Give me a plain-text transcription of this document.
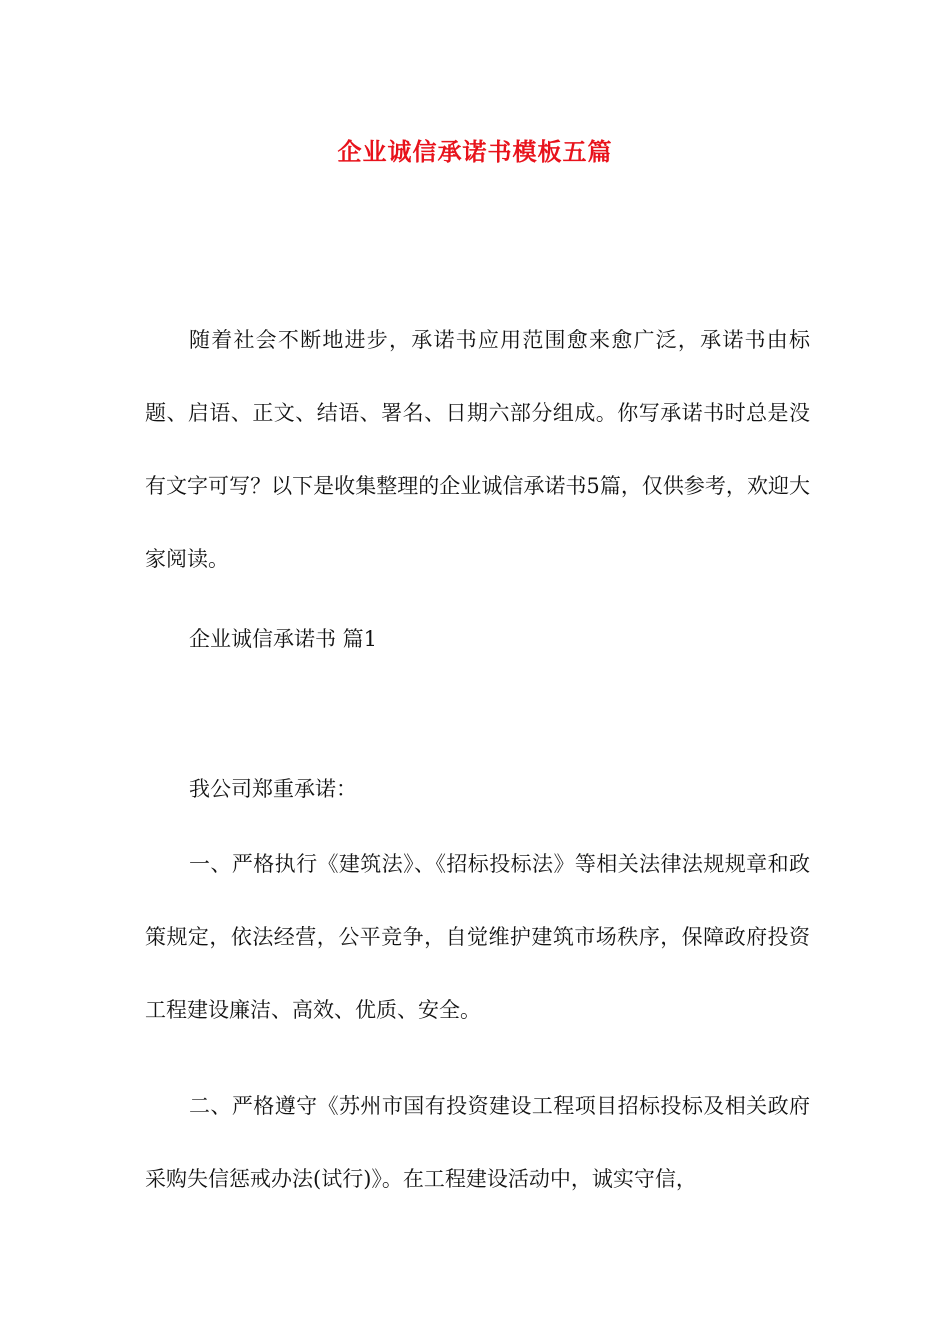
企业诚信承诺书模板五篇

随着社会不断地进步，承诺书应用范围愈来愈广泛，承诺书由标题、启语、正文、结语、署名、日期六部分组成。你写承诺书时总是没有文字可写？以下是收集整理的企业诚信承诺书5篇，仅供参考，欢迎大家阅读。

企业诚信承诺书 篇1

我公司郑重承诺：

一、严格执行《建筑法》、《招标投标法》等相关法律法规规章和政策规定，依法经营，公平竞争，自觉维护建筑市场秩序，保障政府投资工程建设廉洁、高效、优质、安全。

二、严格遵守《苏州市国有投资建设工程项目招标投标及相关政府采购失信惩戒办法(试行)》。在工程建设活动中，诚实守信，
